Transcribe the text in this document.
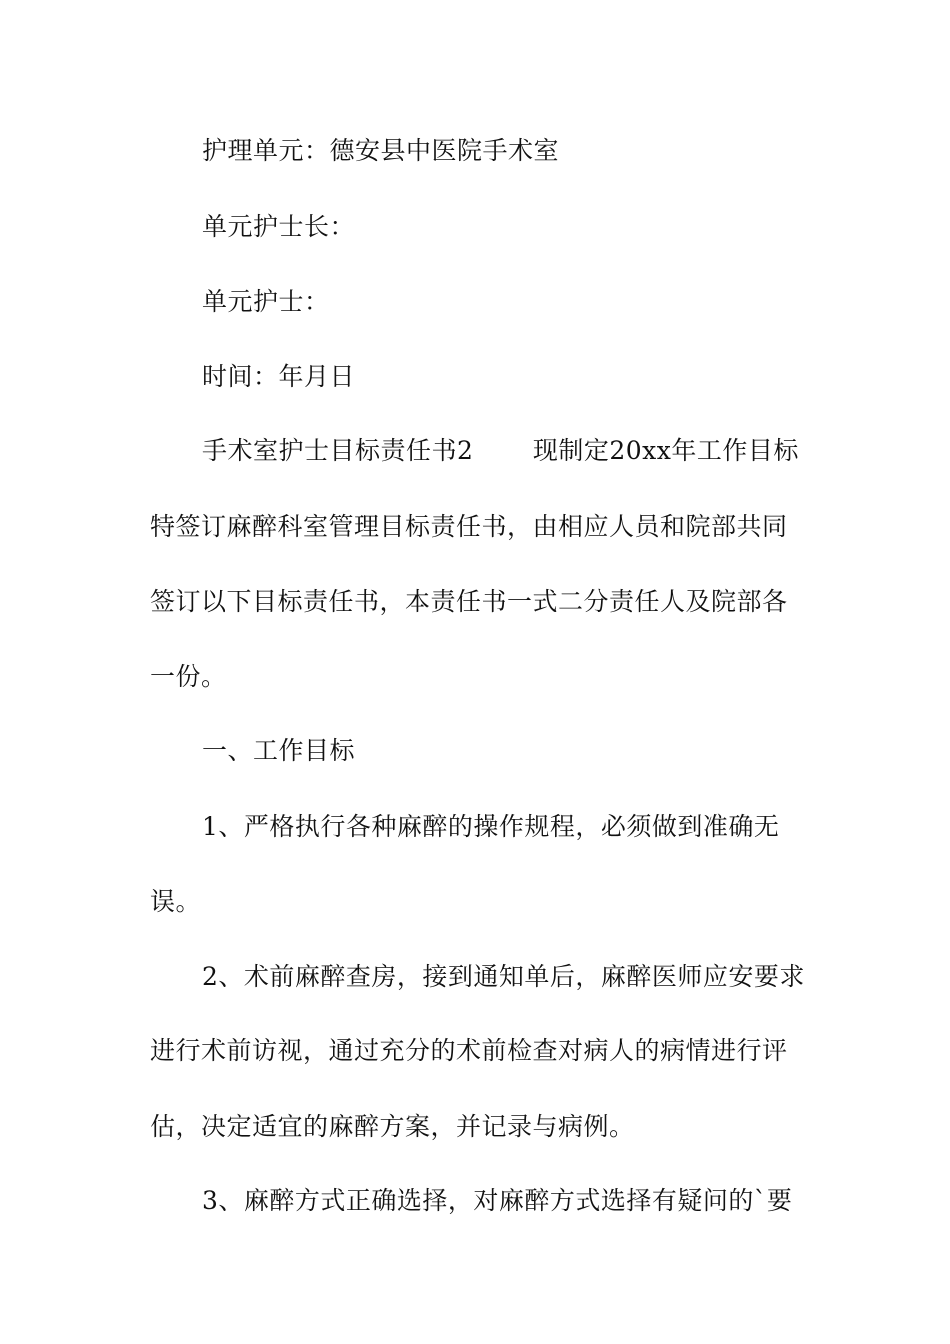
护理单元：德安县中医院手术室
单元护士长：
单元护士：
时间：年月日
手术室护士目标责任书2　　 现制定20xx年工作目标
特签订麻醉科室管理目标责任书，由相应人员和院部共同
签订以下目标责任书，本责任书一式二分责任人及院部各
一份。
一、工作目标
1、严格执行各种麻醉的操作规程，必须做到准确无
误。
2、术前麻醉查房，接到通知单后，麻醉医师应安要求
进行术前访视，通过充分的术前检查对病人的病情进行评
估，决定适宜的麻醉方案，并记录与病例。
3、麻醉方式正确选择，对麻醉方式选择有疑问的`要
